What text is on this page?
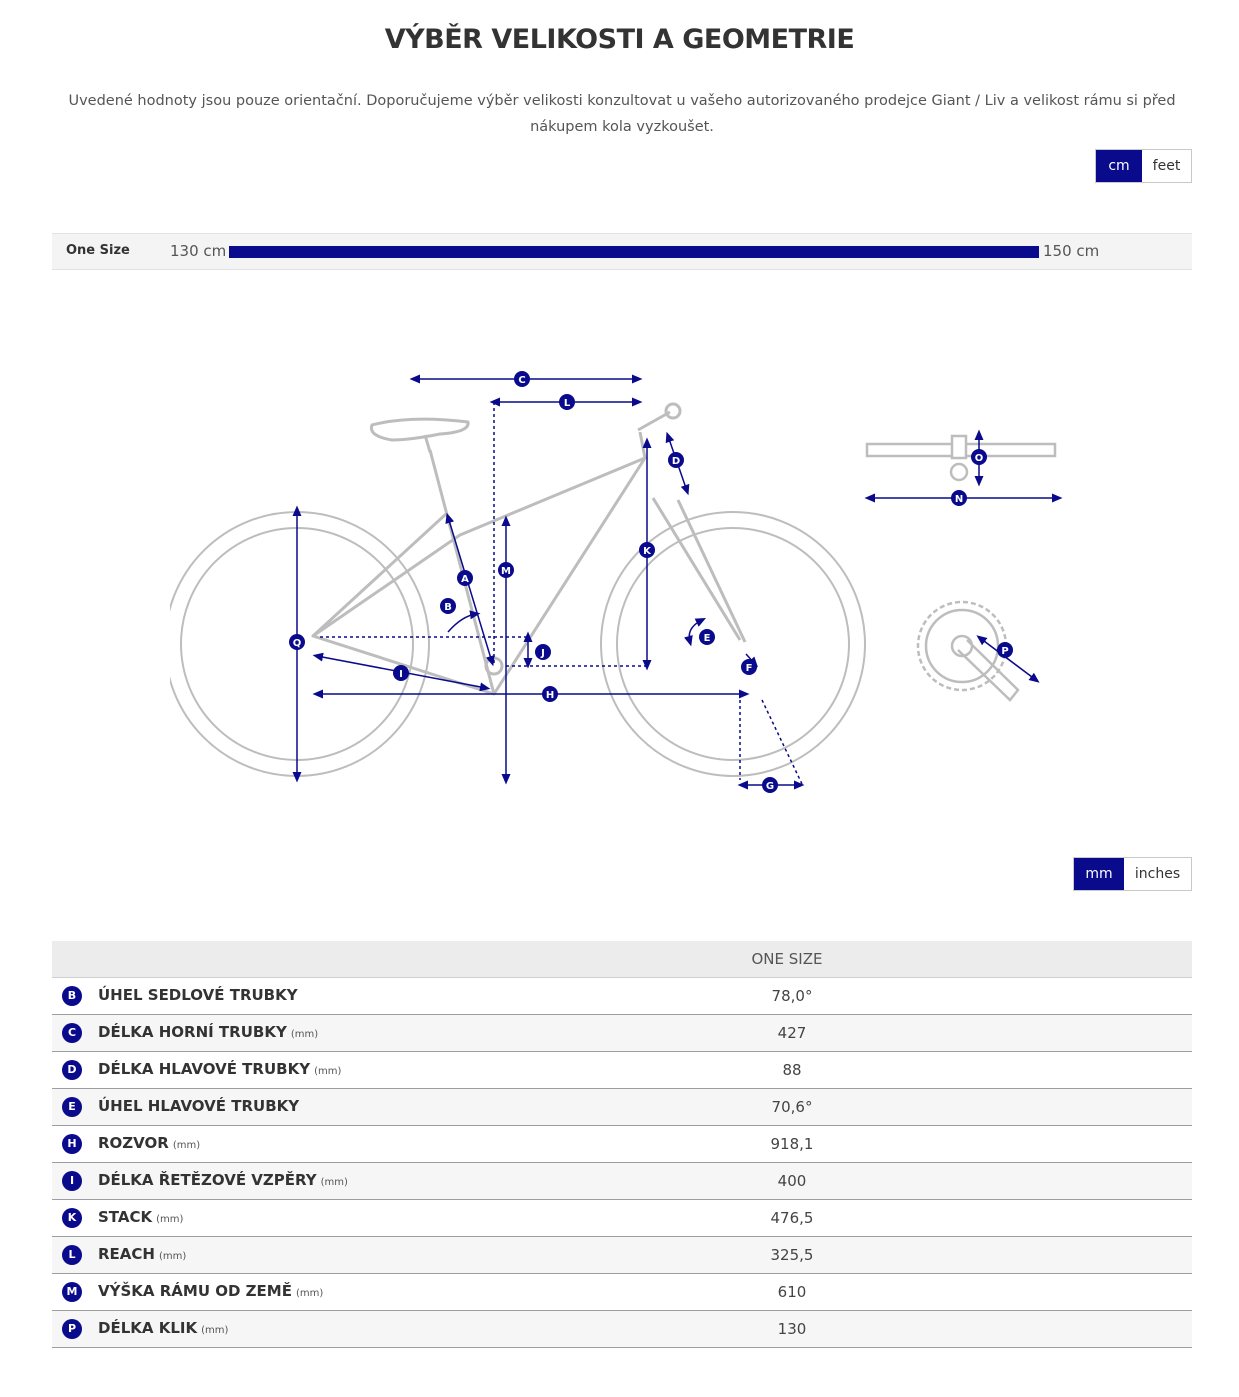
VÝBĚR VELIKOSTI A GEOMETRIE
Uvedené hodnoty jsou pouze orientační. Doporučujeme výběr velikosti konzultovat u vašeho autorizovaného prodejce Giant / Liv a velikost rámu si před nákupem kola vyzkoušet.
cm	feet
One Size	130 cm	150 cm
C
L
D
A
M
K
B
Q
J
E
F
I
H
G
O
N
P
mm	inches
ONE SIZE
B	ÚHEL SEDLOVÉ TRUBKY	78,0°
C	DÉLKA HORNÍ TRUBKY (mm)	427
D	DÉLKA HLAVOVÉ TRUBKY (mm)	88
E	ÚHEL HLAVOVÉ TRUBKY	70,6°
H	ROZVOR (mm)	918,1
I	DÉLKA ŘETĚZOVÉ VZPĚRY (mm)	400
K	STACK (mm)	476,5
L	REACH (mm)	325,5
M	VÝŠKA RÁMU OD ZEMĚ (mm)	610
P	DÉLKA KLIK (mm)	130
